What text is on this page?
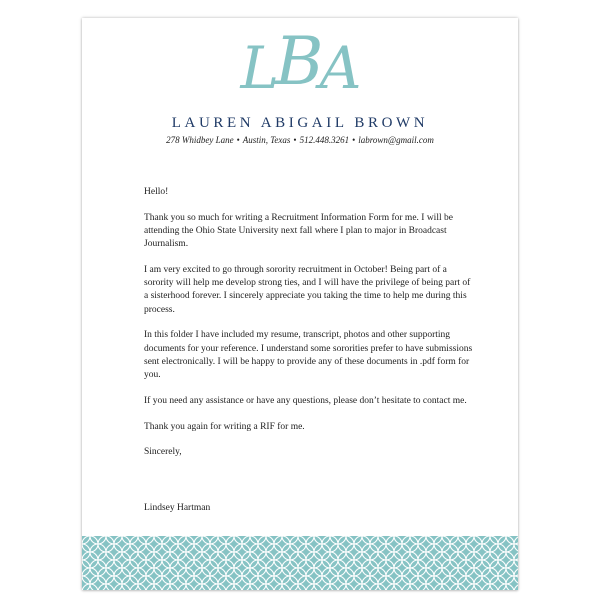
LBA
LAUREN ABIGAIL BROWN
278 Whidbey Lane • Austin, Texas • 512.448.3261 • labrown@gmail.com

Hello!

Thank you so much for writing a Recruitment Information Form for me. I will be attending the Ohio State University next fall where I plan to major in Broadcast Journalism.

I am very excited to go through sorority recruitment in October! Being part of a sorority will help me develop strong ties, and I will have the privilege of being part of a sisterhood forever. I sincerely appreciate you taking the time to help me during this process.

In this folder I have included my resume, transcript, photos and other supporting documents for your reference. I understand some sororities prefer to have submissions sent electronically. I will be happy to provide any of these documents in .pdf form for you.

If you need any assistance or have any questions, please don’t hesitate to contact me.

Thank you again for writing a RIF for me.

Sincerely,

Lindsey Hartman
